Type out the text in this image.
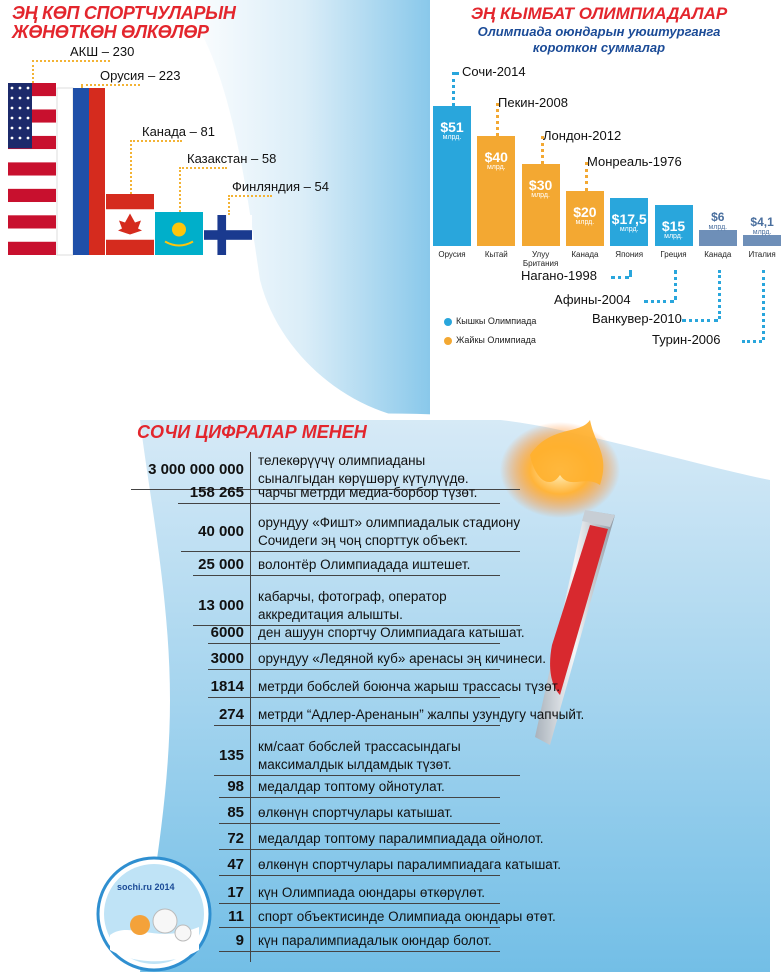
ЭҢ КӨП СПОРТЧУЛАРЫН
ЖӨНӨТКӨН ӨЛКӨЛӨР
АКШ – 230
Орусия – 223
Канада – 81
Казакстан – 58
Финляндия – 54
ЭҢ КЫМБАТ ОЛИМПИАДАЛАР
Олимпиада оюндарын уюштурганга
короткон суммалар
$51
млрд.
Орусия
Сочи-2014
$40
млрд.
Кытай
Пекин-2008
$30
млрд.
Улуу Британия
Лондон-2012
$20
млрд.
Канада
Монреаль-1976
$17,5
млрд.
Япония
Нагано-1998
$15
млрд.
Греция
Афины-2004
$6
млрд.
Канада
Ванкувер-2010
$4,1
млрд.
Италия
Турин-2006
Кышкы Олимпиада
Жайкы Олимпиада
СОЧИ ЦИФРАЛАР МЕНЕН
3 000 000 000
телекөрүүчү олимпиаданы
сыналгыдан көрүшөрү күтүлүүдө.
158 265 чарчы метрди медиа-борбор түзөт.
40 000
орундуу «Фишт» олимпиадалык стадиону
Сочидеги эң чоң спорттук объект.
25 000 волонтёр Олимпиадада иштешет.
13 000
кабарчы, фотограф, оператор
аккредитация алышты.
6000 ден ашуун спортчу Олимпиадага катышат.
3000 орундуу «Ледяной куб» аренасы эң кичинеси.
1814 метрди бобслей боюнча жарыш трассасы түзөт.
274 метрди “Адлер-Аренанын” жалпы узундугу чапчыйт.
135
км/саат бобслей трассасындагы
максималдык ылдамдык түзөт.
98 медалдар топтому ойнотулат.
85 өлкөнүн спортчулары катышат.
72 медалдар топтому паралимпиадада ойнолот.
47 өлкөнүн спортчулары паралимпиадага катышат.
17 күн Олимпиада оюндары өткөрүлөт.
11 спорт объектисинде Олимпиада оюндары өтөт.
9 күн паралимпиадалык оюндар болот.
sochi.ru 2014
